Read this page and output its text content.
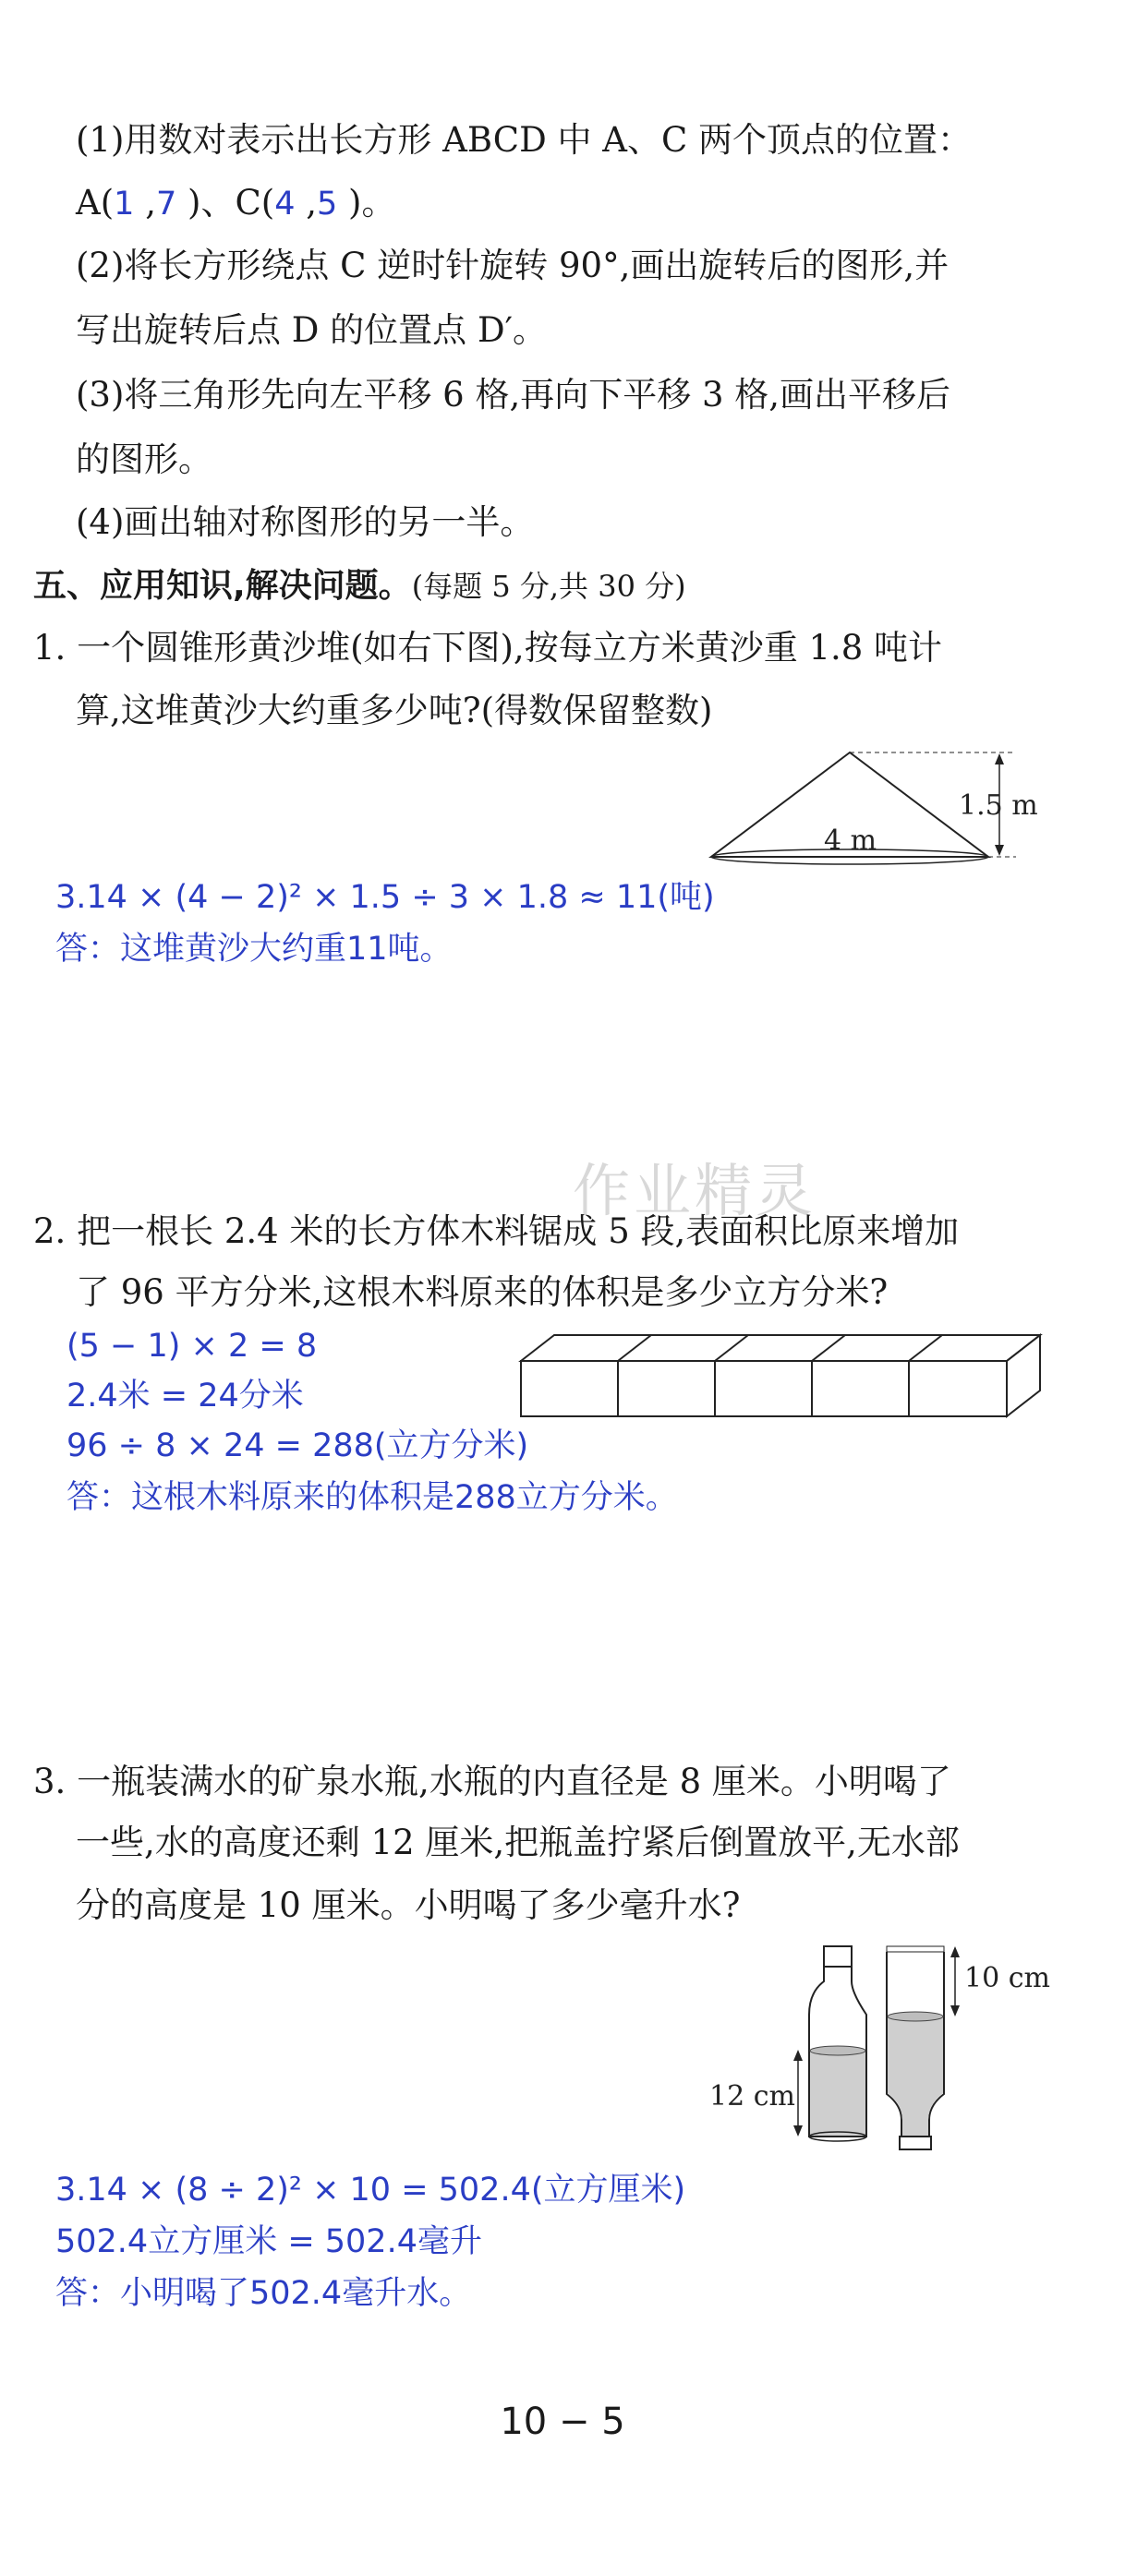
作业精灵
(1)用数对表示出长方形 ABCD 中 A、C 两个顶点的位置：
A(1 ,7 )、C(4 ,5 )。
(2)将长方形绕点 C 逆时针旋转 90°,画出旋转后的图形,并
写出旋转后点 D 的位置点 D′。
(3)将三角形先向左平移 6 格,再向下平移 3 格,画出平移后
的图形。
(4)画出轴对称图形的另一半。
五、应用知识,解决问题。(每题 5 分,共 30 分)
1. 一个圆锥形黄沙堆(如右下图),按每立方米黄沙重 1.8 吨计
算,这堆黄沙大约重多少吨?(得数保留整数)
1.5 m
4 m
3.14 × (4 − 2)² × 1.5 ÷ 3 × 1.8 ≈ 11(吨)
答：这堆黄沙大约重11吨。
2. 把一根长 2.4 米的长方体木料锯成 5 段,表面积比原来增加
了 96 平方分米,这根木料原来的体积是多少立方分米?
(5 − 1) × 2 = 8
2.4米 = 24分米
96 ÷ 8 × 24 = 288(立方分米)
答：这根木料原来的体积是288立方分米。
3. 一瓶装满水的矿泉水瓶,水瓶的内直径是 8 厘米。小明喝了
一些,水的高度还剩 12 厘米,把瓶盖拧紧后倒置放平,无水部
分的高度是 10 厘米。小明喝了多少毫升水?
12 cm
10 cm
3.14 × (8 ÷ 2)² × 10 = 502.4(立方厘米)
502.4立方厘米 = 502.4毫升
答：小明喝了502.4毫升水。
10 − 5
